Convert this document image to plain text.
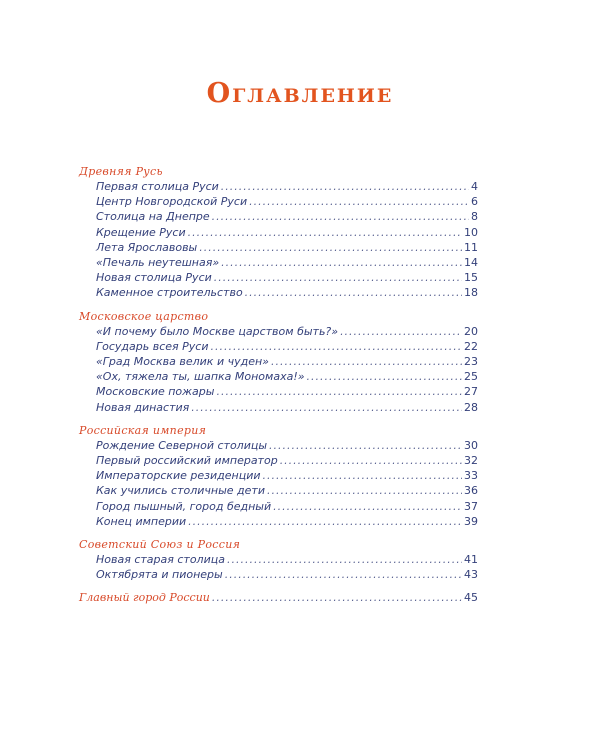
Оглавление
Древняя Русь
Первая столица Руси .....	4
Центр Новгородской Руси .....	6
Столица на Днепре .....	8
Крещение Руси .....	10
Лета Ярославовы .....	11
«Печаль неутешная» .....	14
Новая столица Руси .....	15
Каменное строительство .....	18
Московское царство
«И почему было Москве царством быть?» .....	20
Государь всея Руси .....	22
«Град Москва велик и чуден» .....	23
«Ох, тяжела ты, шапка Мономаха!» .....	25
Московские пожары .....	27
Новая династия .....	28
Российская империя
Рождение Северной столицы .....	30
Первый российский император .....	32
Императорские резиденции .....	33
Как учились столичные дети .....	36
Город пышный, город бедный .....	37
Конец империи .....	39
Советский Союз и Россия
Новая старая столица .....	41
Октябрята и пионеры .....	43
Главный город России .....	45
